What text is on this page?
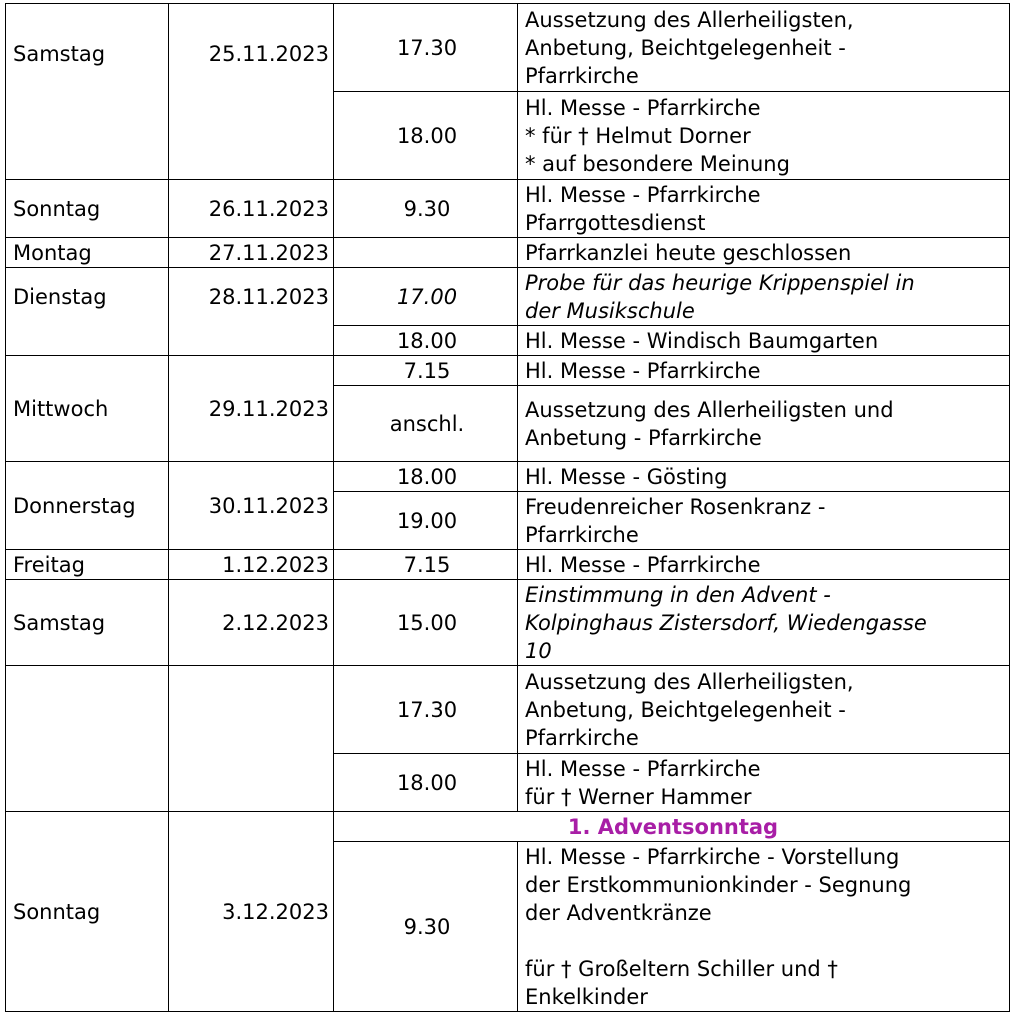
Samstag	25.11.2023	17.30	Aussetzung des Allerheiligsten,
Anbetung, Beichtgelegenheit -
Pfarrkirche

		18.00	Hl. Messe - Pfarrkirche
* für † Helmut Dorner
* auf besondere Meinung

Sonntag	26.11.2023	9.30	Hl. Messe - Pfarrkirche
Pfarrgottesdienst

Montag	27.11.2023		Pfarrkanzlei heute geschlossen

Dienstag	28.11.2023	17.00	Probe für das heurige Krippenspiel in
der Musikschule

		18.00	Hl. Messe - Windisch Baumgarten

Mittwoch	29.11.2023	7.15	Hl. Messe - Pfarrkirche

		anschl.	Aussetzung des Allerheiligsten und
Anbetung - Pfarrkirche

Donnerstag	30.11.2023	18.00	Hl. Messe - Gösting

		19.00	Freudenreicher Rosenkranz -
Pfarrkirche

Freitag	1.12.2023	7.15	Hl. Messe - Pfarrkirche

Samstag	2.12.2023	15.00	Einstimmung in den Advent -
Kolpinghaus Zistersdorf, Wiedengasse
10

		17.30	Aussetzung des Allerheiligsten,
Anbetung, Beichtgelegenheit -
Pfarrkirche

		18.00	Hl. Messe - Pfarrkirche
für † Werner Hammer

Sonntag	3.12.2023	1. Adventsonntag	
		9.30	Hl. Messe - Pfarrkirche - Vorstellung
der Erstkommunionkinder - Segnung
der Adventkränze
für † Großeltern Schiller und †
Enkelkinder
